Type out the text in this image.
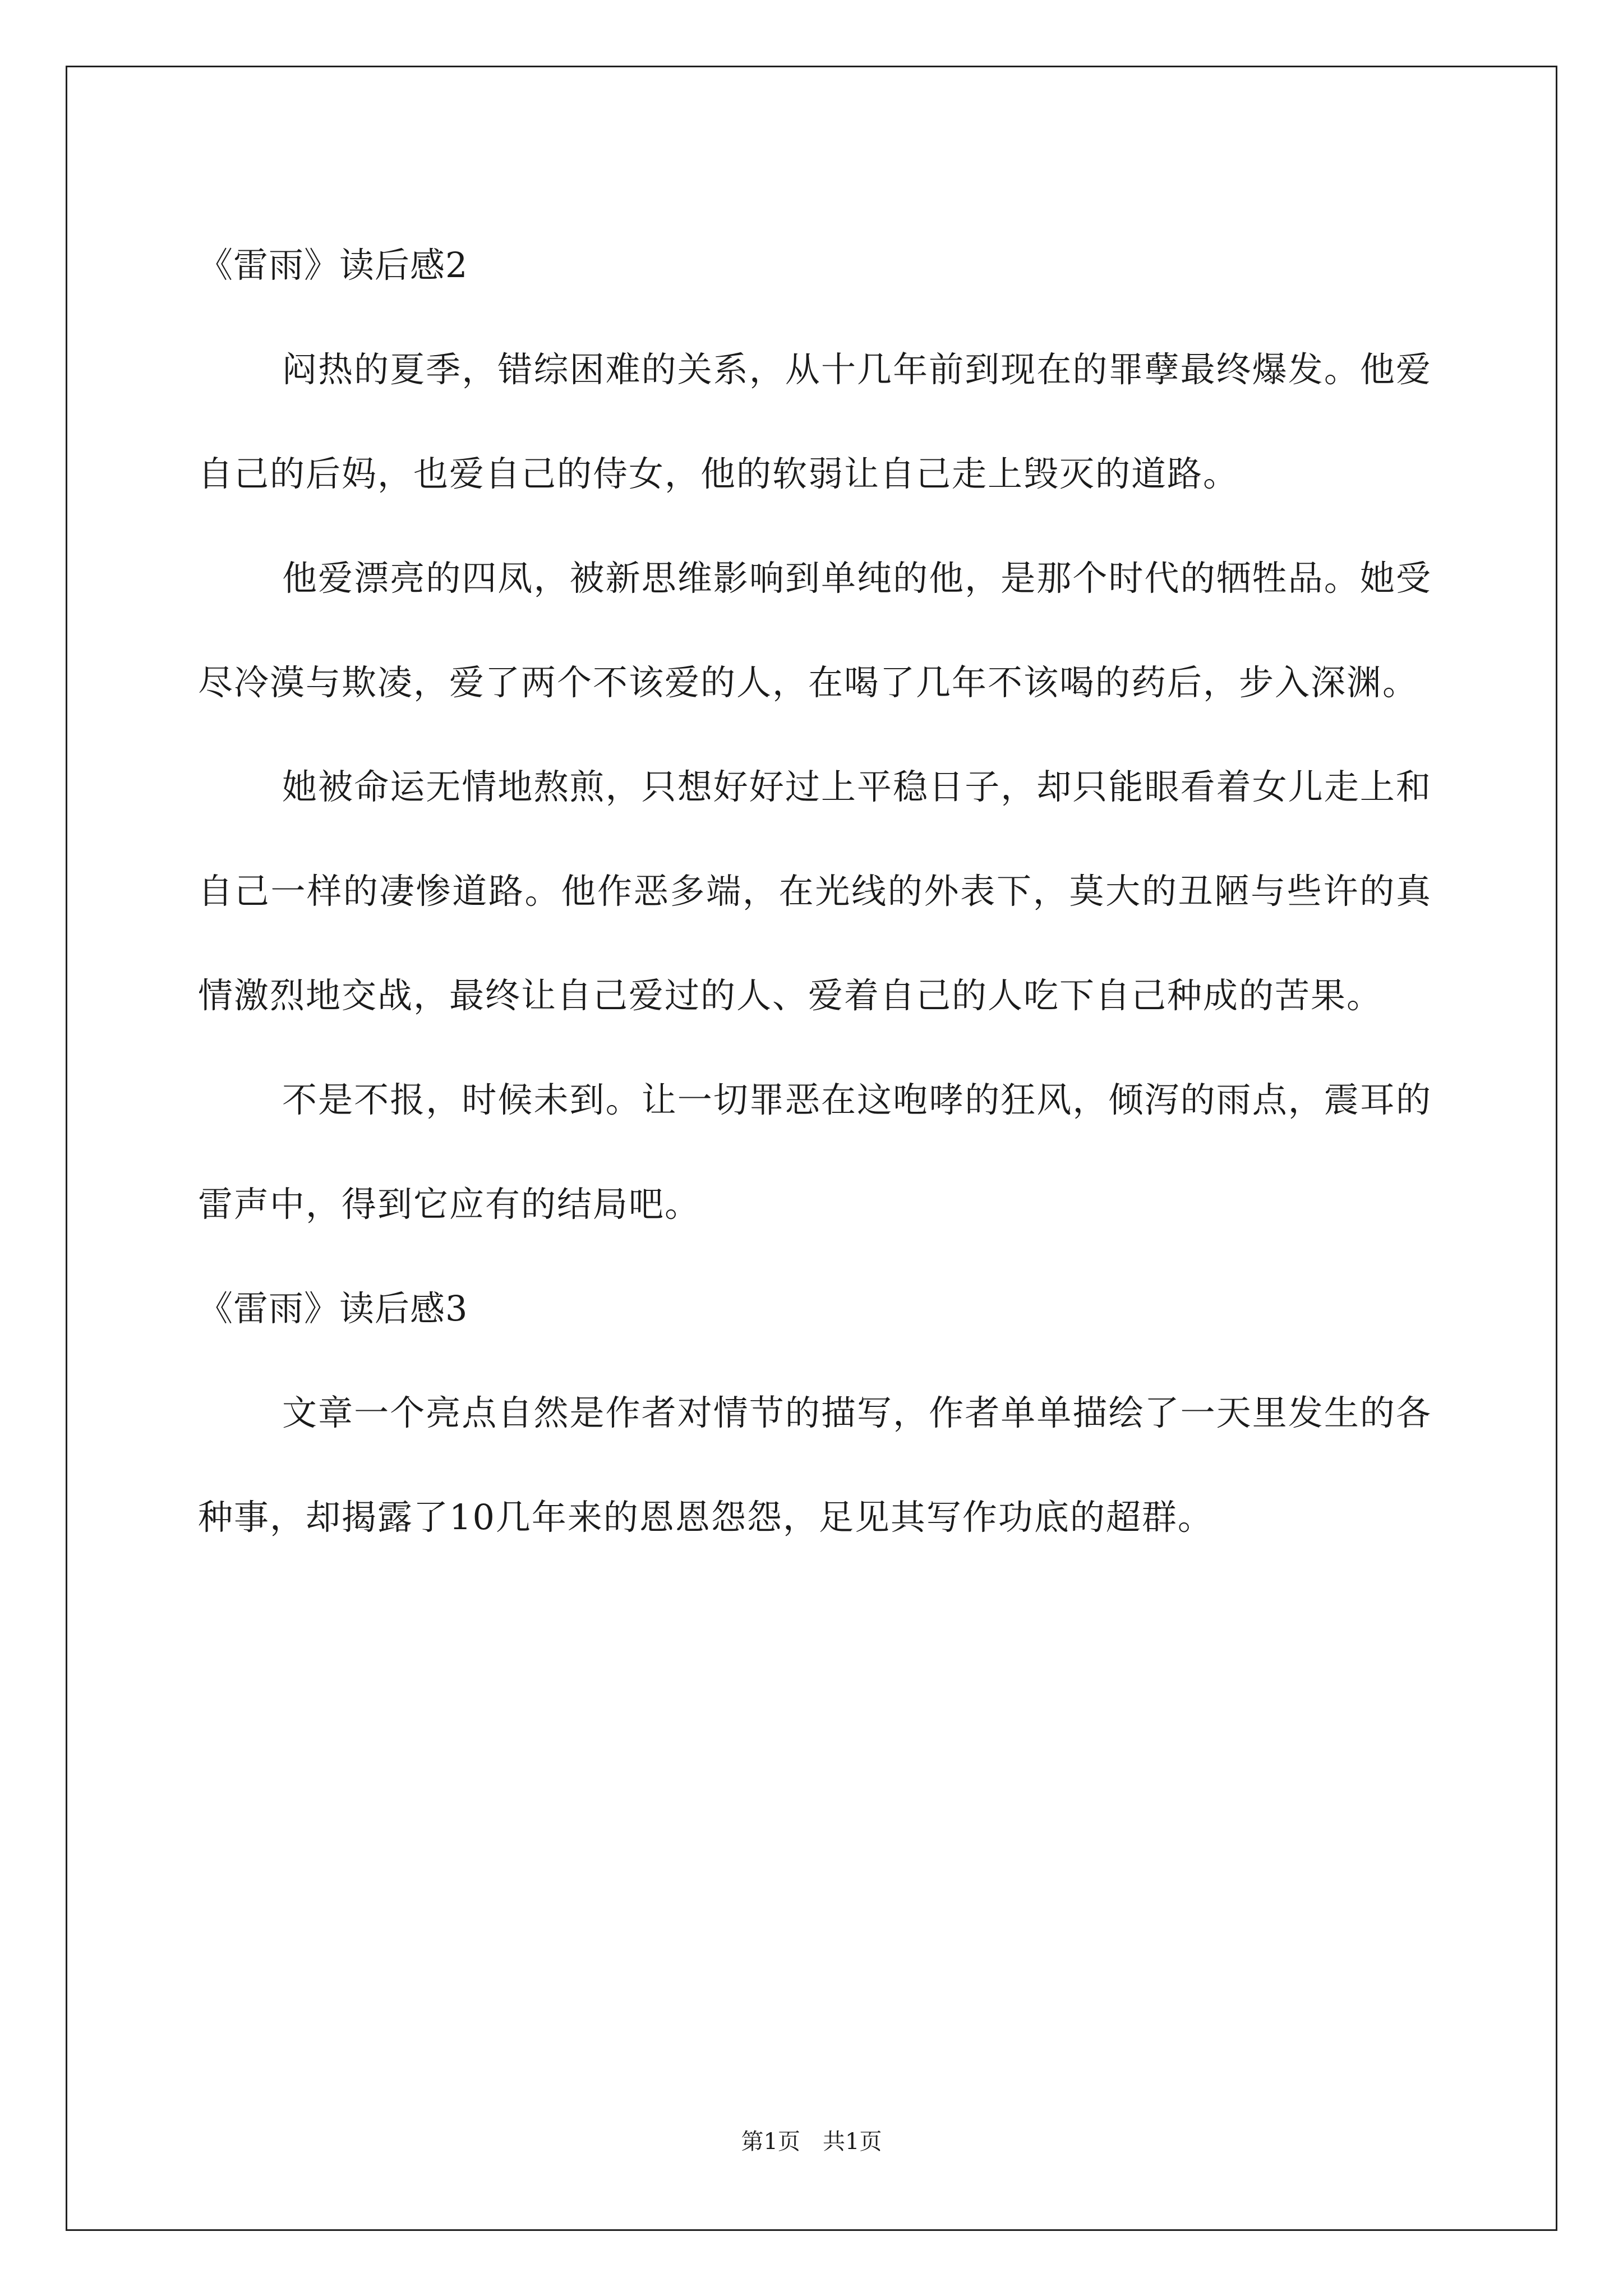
《雷雨》读后感2

闷热的夏季，错综困难的关系，从十几年前到现在的罪孽最终爆发。他爱自己的后妈，也爱自己的侍女，他的软弱让自己走上毁灭的道路。

他爱漂亮的四凤，被新思维影响到单纯的他，是那个时代的牺牲品。她受尽冷漠与欺凌，爱了两个不该爱的人，在喝了几年不该喝的药后，步入深渊。

她被命运无情地熬煎，只想好好过上平稳日子，却只能眼看着女儿走上和自己一样的凄惨道路。他作恶多端，在光线的外表下，莫大的丑陋与些许的真情激烈地交战，最终让自己爱过的人、爱着自己的人吃下自己种成的苦果。

不是不报，时候未到。让一切罪恶在这咆哮的狂风，倾泻的雨点，震耳的雷声中，得到它应有的结局吧。

《雷雨》读后感3

文章一个亮点自然是作者对情节的描写，作者单单描绘了一天里发生的各种事，却揭露了10几年来的恩恩怨怨，足见其写作功底的超群。

第1页　共1页
